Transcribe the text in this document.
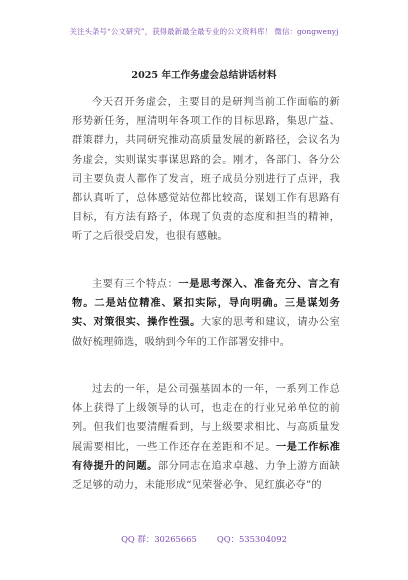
关注头条号“公文研究”，获得最新最全最专业的公文资料库！ 微信：gongwenyj
2025 年工作务虚会总结讲话材料

今天召开务虚会，主要目的是研判当前工作面临的新形势新任务，厘清明年各项工作的目标思路，集思广益、群策群力，共同研究推动高质量发展的新路径，会议名为务虚会，实则谋实事谋思路的会。刚才，各部门、各分公司主要负责人都作了发言，班子成员分别进行了点评，我都认真听了，总体感觉站位都比较高，谋划工作有思路有目标，有方法有路子，体现了负责的态度和担当的精神，听了之后很受启发，也很有感触。

主要有三个特点：一是思考深入、准备充分、言之有物。二是站位精准、紧扣实际，导向明确。三是谋划务实、对策很实、操作性强。大家的思考和建议，请办公室做好梳理筛选，吸纳到今年的工作部署安排中。

过去的一年，是公司强基固本的一年，一系列工作总体上获得了上级领导的认可，也走在的行业兄弟单位的前列。但我们也要清醒看到，与上级要求相比、与高质量发展需要相比，一些工作还存在差距和不足。一是工作标准有待提升的问题。部分同志在追求卓越、力争上游方面缺乏足够的动力，未能形成“见荣誉必争、见红旗必夺”的

QQ 群：30265665 QQ：535304092
